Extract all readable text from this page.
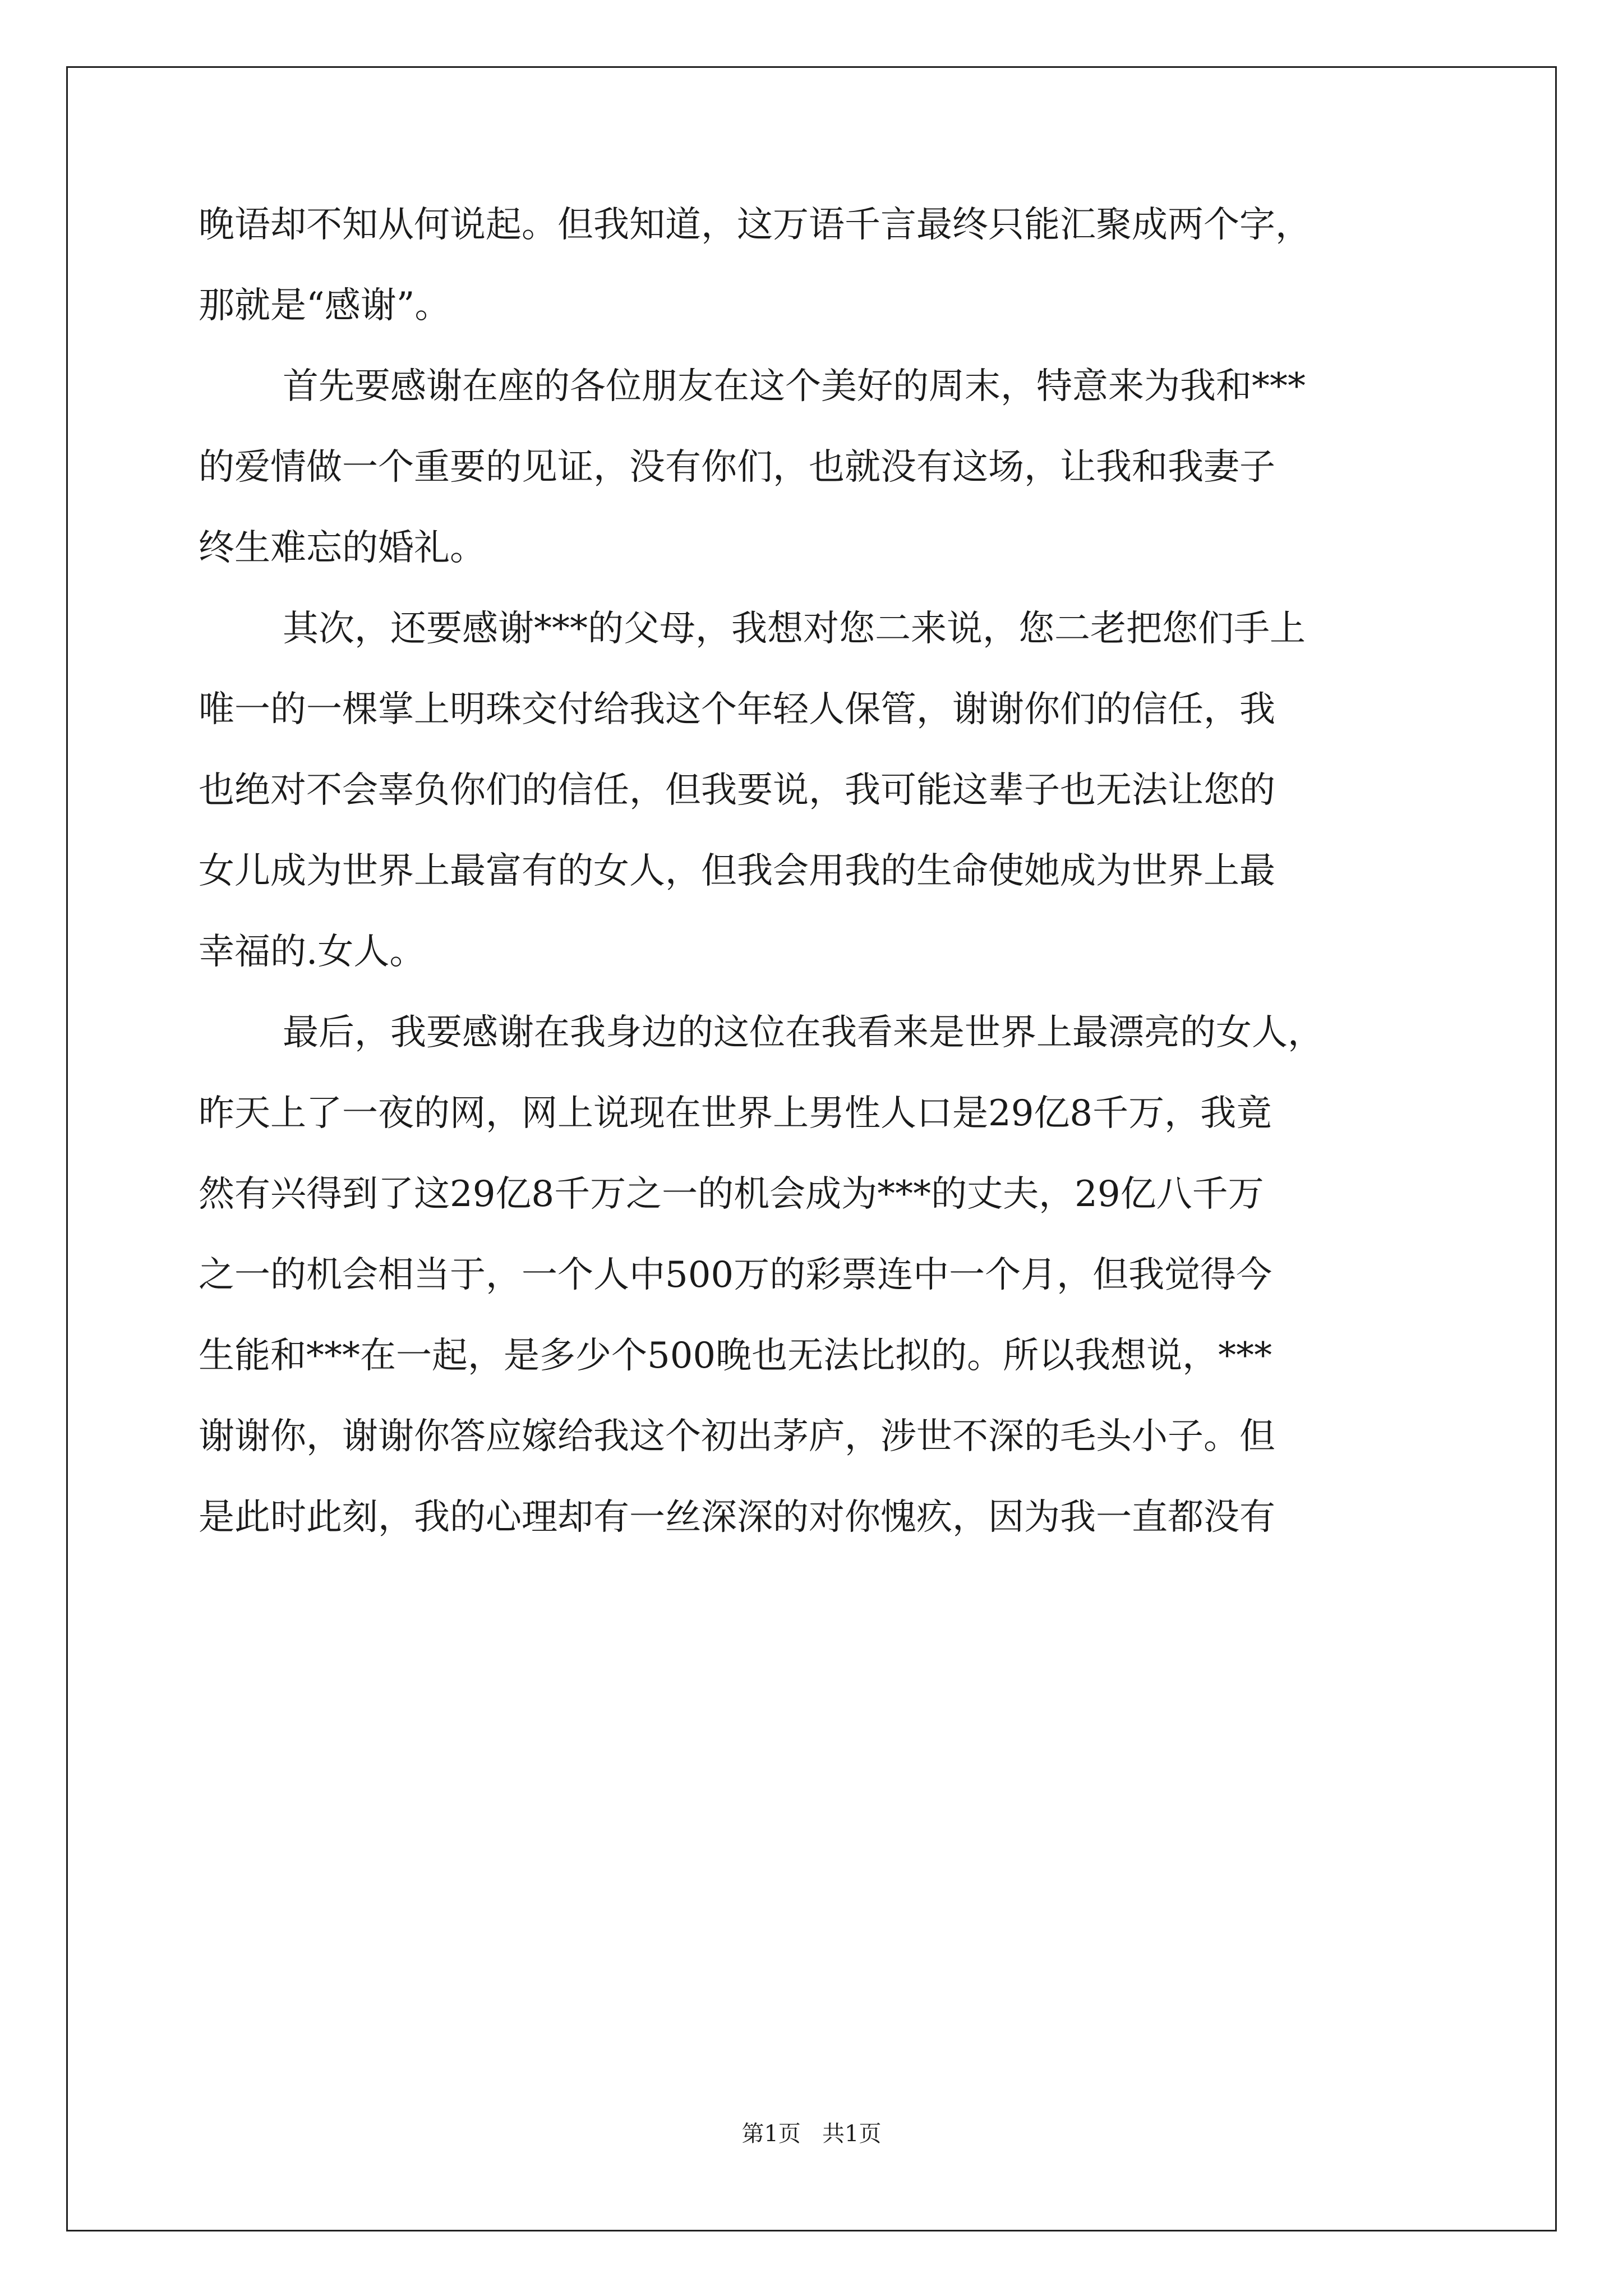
晚语却不知从何说起。但我知道，这万语千言最终只能汇聚成两个字，
那就是“感谢”。
首先要感谢在座的各位朋友在这个美好的周末，特意来为我和***
的爱情做一个重要的见证，没有你们，也就没有这场，让我和我妻子
终生难忘的婚礼。
其次，还要感谢***的父母，我想对您二来说，您二老把您们手上
唯一的一棵掌上明珠交付给我这个年轻人保管，谢谢你们的信任，我
也绝对不会辜负你们的信任，但我要说，我可能这辈子也无法让您的
女儿成为世界上最富有的女人，但我会用我的生命使她成为世界上最
幸福的.女人。
最后，我要感谢在我身边的这位在我看来是世界上最漂亮的女人，
昨天上了一夜的网，网上说现在世界上男性人口是29亿8千万，我竟
然有兴得到了这29亿8千万之一的机会成为***的丈夫，29亿八千万
之一的机会相当于，一个人中500万的彩票连中一个月，但我觉得今
生能和***在一起，是多少个500晚也无法比拟的。所以我想说，***
谢谢你，谢谢你答应嫁给我这个初出茅庐，涉世不深的毛头小子。但
是此时此刻，我的心理却有一丝深深的对你愧疚，因为我一直都没有
第1页   共1页
